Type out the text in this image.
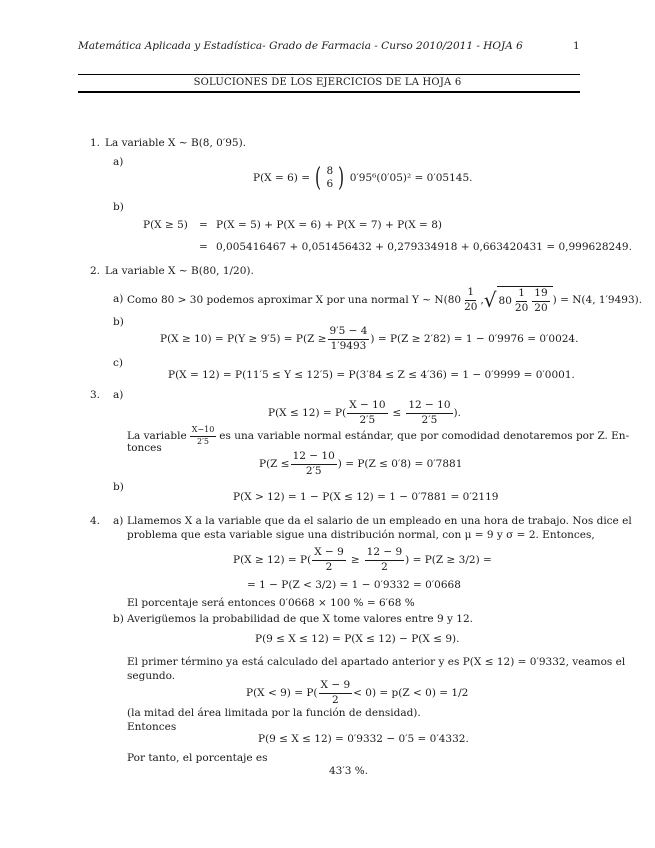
Matemática Aplicada y Estadística- Grado de Farmacia - Curso 2010/2011 - HOJA 6	1
SOLUCIONES DE LOS EJERCICIOS DE LA HOJA 6
1. La variable X ∼ B(8, 0′95).
a)
P(X = 6) = ( 8
6 ) 0′95⁶(0′05)² = 0′05145.
b)
P(X ≥ 5) = P(X = 5) + P(X = 6) + P(X = 7) + P(X = 8)
= 0,005416467 + 0,051456432 + 0,279334918 + 0,663420431 = 0,999628249.
2. La variable X ∼ B(80, 1/20).
a) Como 80 > 30 podemos aproximar X por una normal Y ∼ $N(80 \frac{1}{20}$ , √ $80 \frac{1}{20} \frac{19}{20}$ ) = N(4, 1′9493).
b)
$P(X \ge 10) = P(Y \ge 9'5) = P(Z \ge \frac{9'5 - 4}{1'9493}$ ) = P(Z ≥ 2′82) = 1 − 0′9976 = 0′0024.
c)
P(X = 12) = P(11′5 ≤ Y ≤ 12′5) = P(3′84 ≤ Z ≤ 4′36) = 1 − 0′9999 = 0′0001.
3. a)
$P(X \le 12) = P( \frac{X - 10}{2'5} \le \frac{12 - 10}{2'5}$ ).
La variable $\frac{X-10}{2'5}$ es una variable normal estándar, que por comodidad denotaremos por Z. En-
tonces
$P(Z \le \frac{12 - 10}{2'5}$ ) = P(Z ≤ 0′8) = 0′7881
b)
P(X > 12) = 1 − P(X ≤ 12) = 1 − 0′7881 = 0′2119
4. a) Llamemos X a la variable que da el salario de un empleado en una hora de trabajo. Nos dice el
problema que esta variable sigue una distribución normal, con μ = 9 y σ = 2. Entonces,
$P(X \ge 12) = P( \frac{X - 9}{2} \ge \frac{12 - 9}{2}$ ) = P(Z ≥ 3/2) =
= 1 − P(Z < 3/2) = 1 − 0′9332 = 0′0668
El porcentaje será entonces 0′0668 × 100 % = 6′68 %
b) Averigüemos la probabilidad de que X tome valores entre 9 y 12.
P(9 ≤ X ≤ 12) = P(X ≤ 12) − P(X ≤ 9).
El primer término ya está calculado del apartado anterior y es P(X ≤ 12) = 0′9332, veamos el
segundo.
$P(X < 9) = P( \frac{X - 9}{2} < 0) = p(Z < 0) = 1/2$
(la mitad del área limitada por la función de densidad).
Entonces
P(9 ≤ X ≤ 12) = 0′9332 − 0′5 = 0′4332.
Por tanto, el porcentaje es
43′3 %.
